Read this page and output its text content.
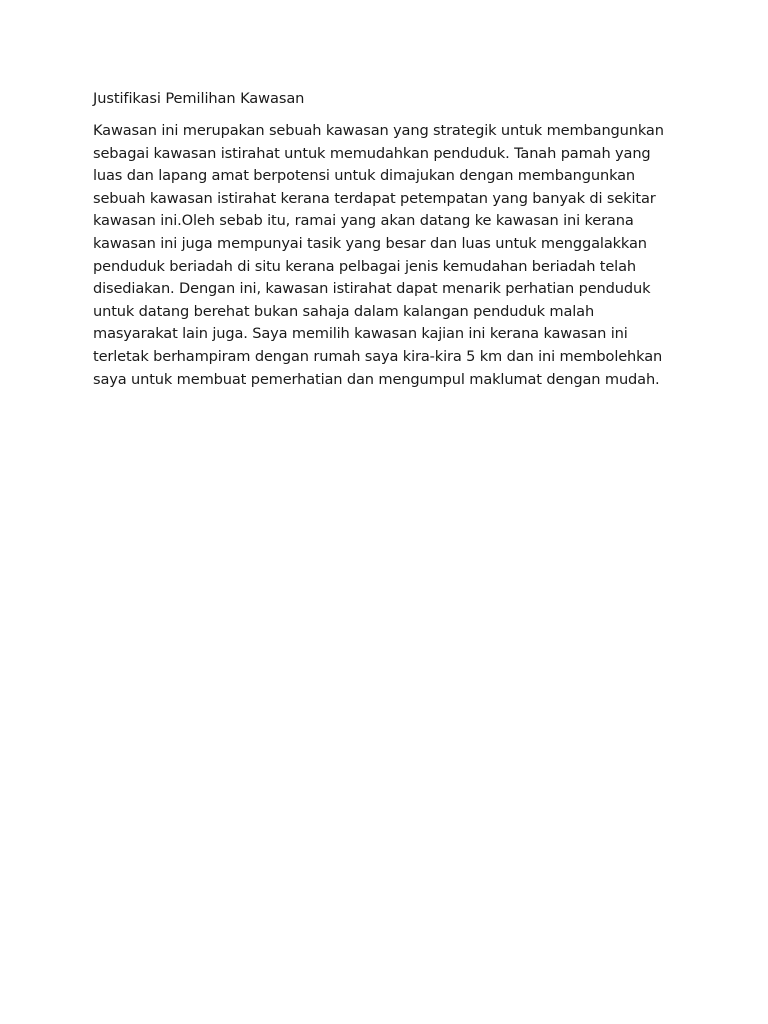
Justifikasi Pemilihan Kawasan
Kawasan ini merupakan sebuah kawasan yang strategik untuk membangunkan
sebagai kawasan istirahat untuk memudahkan penduduk. Tanah pamah yang
luas dan lapang amat berpotensi untuk dimajukan dengan membangunkan
sebuah kawasan istirahat kerana terdapat petempatan yang banyak di sekitar
kawasan ini.Oleh sebab itu, ramai yang akan datang ke kawasan ini kerana
kawasan ini juga mempunyai tasik yang besar dan luas untuk menggalakkan
penduduk beriadah di situ kerana pelbagai jenis kemudahan beriadah telah
disediakan. Dengan ini, kawasan istirahat dapat menarik perhatian penduduk
untuk datang berehat bukan sahaja dalam kalangan penduduk malah
masyarakat lain juga. Saya memilih kawasan kajian ini kerana kawasan ini
terletak berhampiram dengan rumah saya kira-kira 5 km dan ini membolehkan
saya untuk membuat pemerhatian dan mengumpul maklumat dengan mudah.
